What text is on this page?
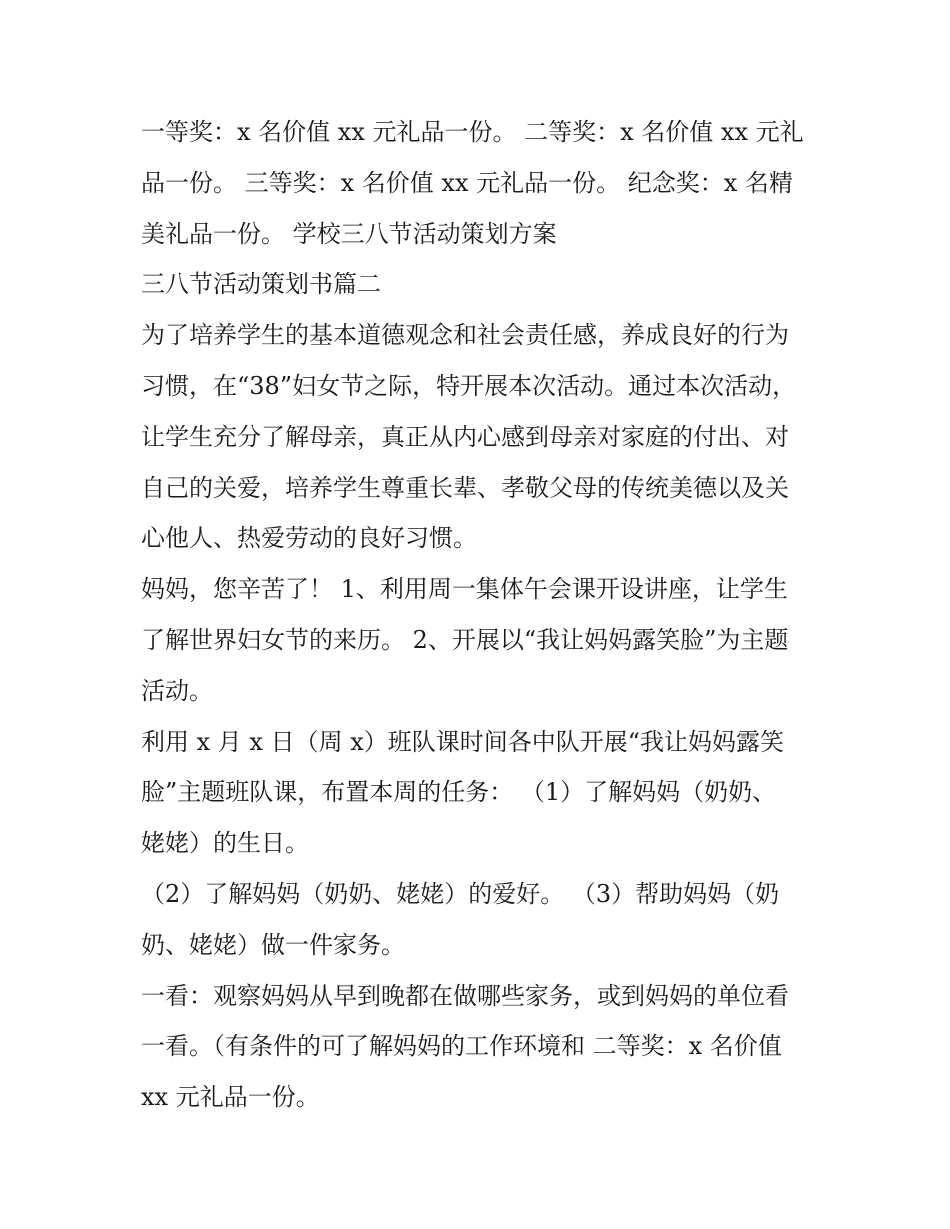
一等奖：x 名价值 xx 元礼品一份。 二等奖：x 名价值 xx 元礼
品一份。 三等奖：x 名价值 xx 元礼品一份。 纪念奖：x 名精
美礼品一份。 学校三八节活动策划方案
三八节活动策划书篇二
为了培养学生的基本道德观念和社会责任感，养成良好的行为
习惯，在“38”妇女节之际，特开展本次活动。通过本次活动，
让学生充分了解母亲，真正从内心感到母亲对家庭的付出、对
自己的关爱，培养学生尊重长辈、孝敬父母的传统美德以及关
心他人、热爱劳动的良好习惯。
妈妈，您辛苦了！ 1、利用周一集体午会课开设讲座，让学生
了解世界妇女节的来历。 2、开展以“我让妈妈露笑脸”为主题
活动。
利用 x 月 x 日（周 x）班队课时间各中队开展“我让妈妈露笑
脸”主题班队课，布置本周的任务： （1）了解妈妈（奶奶、
姥姥）的生日。
（2）了解妈妈（奶奶、姥姥）的爱好。 （3）帮助妈妈（奶
奶、姥姥）做一件家务。
一看：观察妈妈从早到晚都在做哪些家务，或到妈妈的单位看
一看。（有条件的可了解妈妈的工作环境和 二等奖：x 名价值
xx 元礼品一份。
